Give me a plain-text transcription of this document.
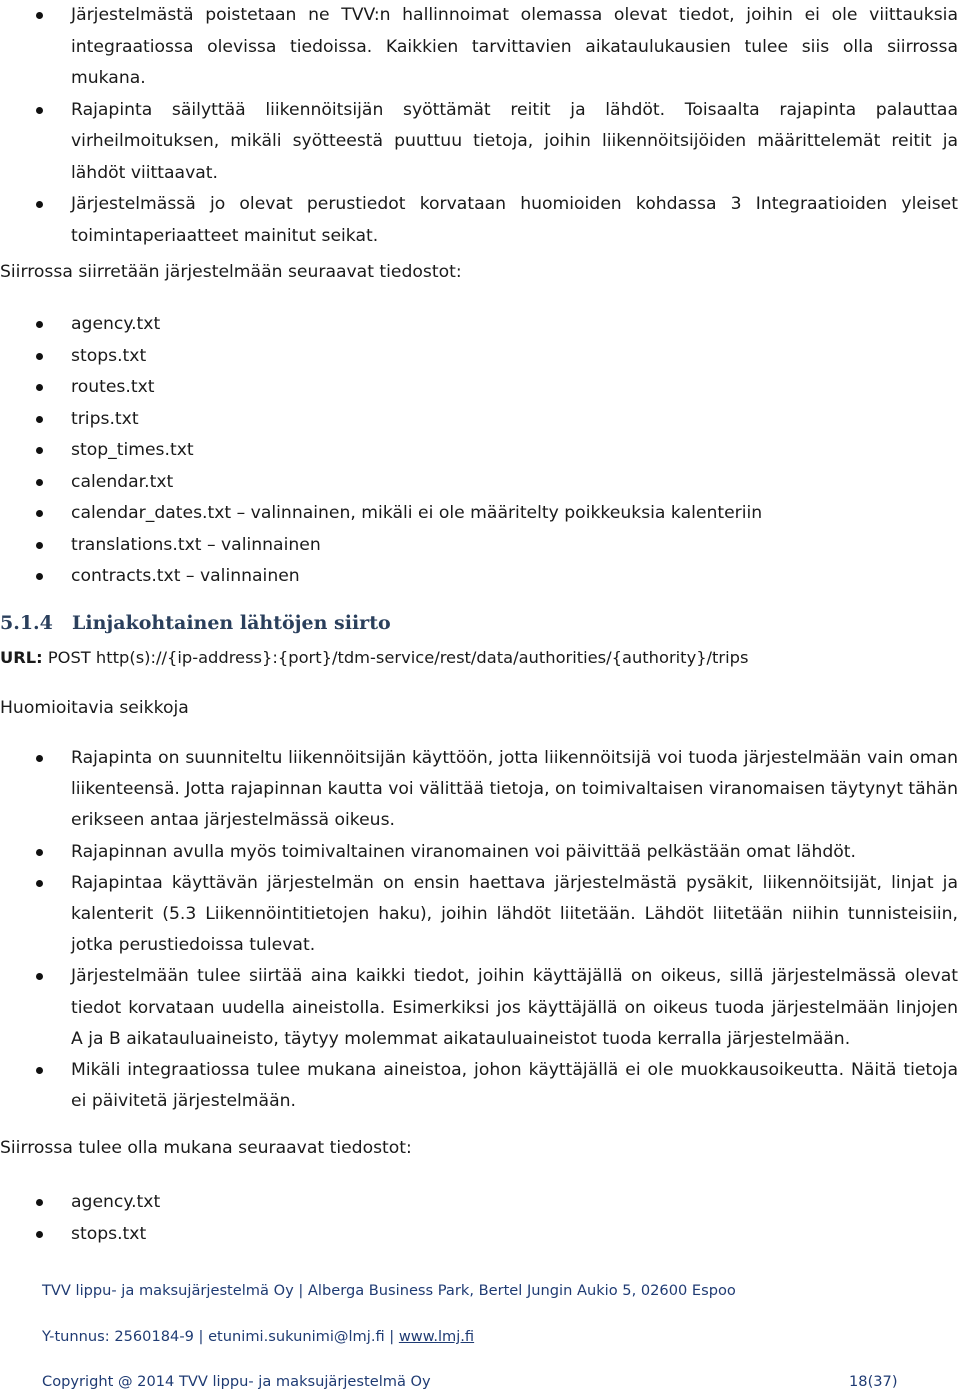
Järjestelmästä poistetaan ne TVV:n hallinnoimat olemassa olevat tiedot, joihin ei ole viittauksia integraatiossa olevissa tiedoissa. Kaikkien tarvittavien aikataulukausien tulee siis olla siirrossa mukana.
Rajapinta säilyttää liikennöitsijän syöttämät reitit ja lähdöt. Toisaalta rajapinta palauttaa virheilmoituksen, mikäli syötteestä puuttuu tietoja, joihin liikennöitsijöiden määrittelemät reitit ja lähdöt viittaavat.
Järjestelmässä jo olevat perustiedot korvataan huomioiden kohdassa 3 Integraatioiden yleiset toimintaperiaatteet mainitut seikat.
Siirrossa siirretään järjestelmään seuraavat tiedostot:
agency.txt
stops.txt
routes.txt
trips.txt
stop_times.txt
calendar.txt
calendar_dates.txt – valinnainen, mikäli ei ole määritelty poikkeuksia kalenteriin
translations.txt – valinnainen
contracts.txt – valinnainen
5.1.4 Linjakohtainen lähtöjen siirto
URL: POST http(s)://{ip-address}:{port}/tdm-service/rest/data/authorities/{authority}/trips
Huomioitavia seikkoja
Rajapinta on suunniteltu liikennöitsijän käyttöön, jotta liikennöitsijä voi tuoda järjestelmään vain oman liikenteensä. Jotta rajapinnan kautta voi välittää tietoja, on toimivaltaisen viranomaisen täytynyt tähän erikseen antaa järjestelmässä oikeus.
Rajapinnan avulla myös toimivaltainen viranomainen voi päivittää pelkästään omat lähdöt.
Rajapintaa käyttävän järjestelmän on ensin haettava järjestelmästä pysäkit, liikennöitsijät, linjat ja kalenterit (5.3 Liikennöintitietojen haku), joihin lähdöt liitetään. Lähdöt liitetään niihin tunnisteisiin, jotka perustiedoissa tulevat.
Järjestelmään tulee siirtää aina kaikki tiedot, joihin käyttäjällä on oikeus, sillä järjestelmässä olevat tiedot korvataan uudella aineistolla. Esimerkiksi jos käyttäjällä on oikeus tuoda järjestelmään linjojen A ja B aikatauluaineisto, täytyy molemmat aikatauluaineistot tuoda kerralla järjestelmään.
Mikäli integraatiossa tulee mukana aineistoa, johon käyttäjällä ei ole muokkausoikeutta. Näitä tietoja ei päivitetä järjestelmään.
Siirrossa tulee olla mukana seuraavat tiedostot:
agency.txt
stops.txt
TVV lippu- ja maksujärjestelmä Oy | Alberga Business Park, Bertel Jungin Aukio 5, 02600 Espoo
Y-tunnus: 2560184-9 | etunimi.sukunimi@lmj.fi | www.lmj.fi
Copyright @ 2014 TVV lippu- ja maksujärjestelmä Oy	18(37)
